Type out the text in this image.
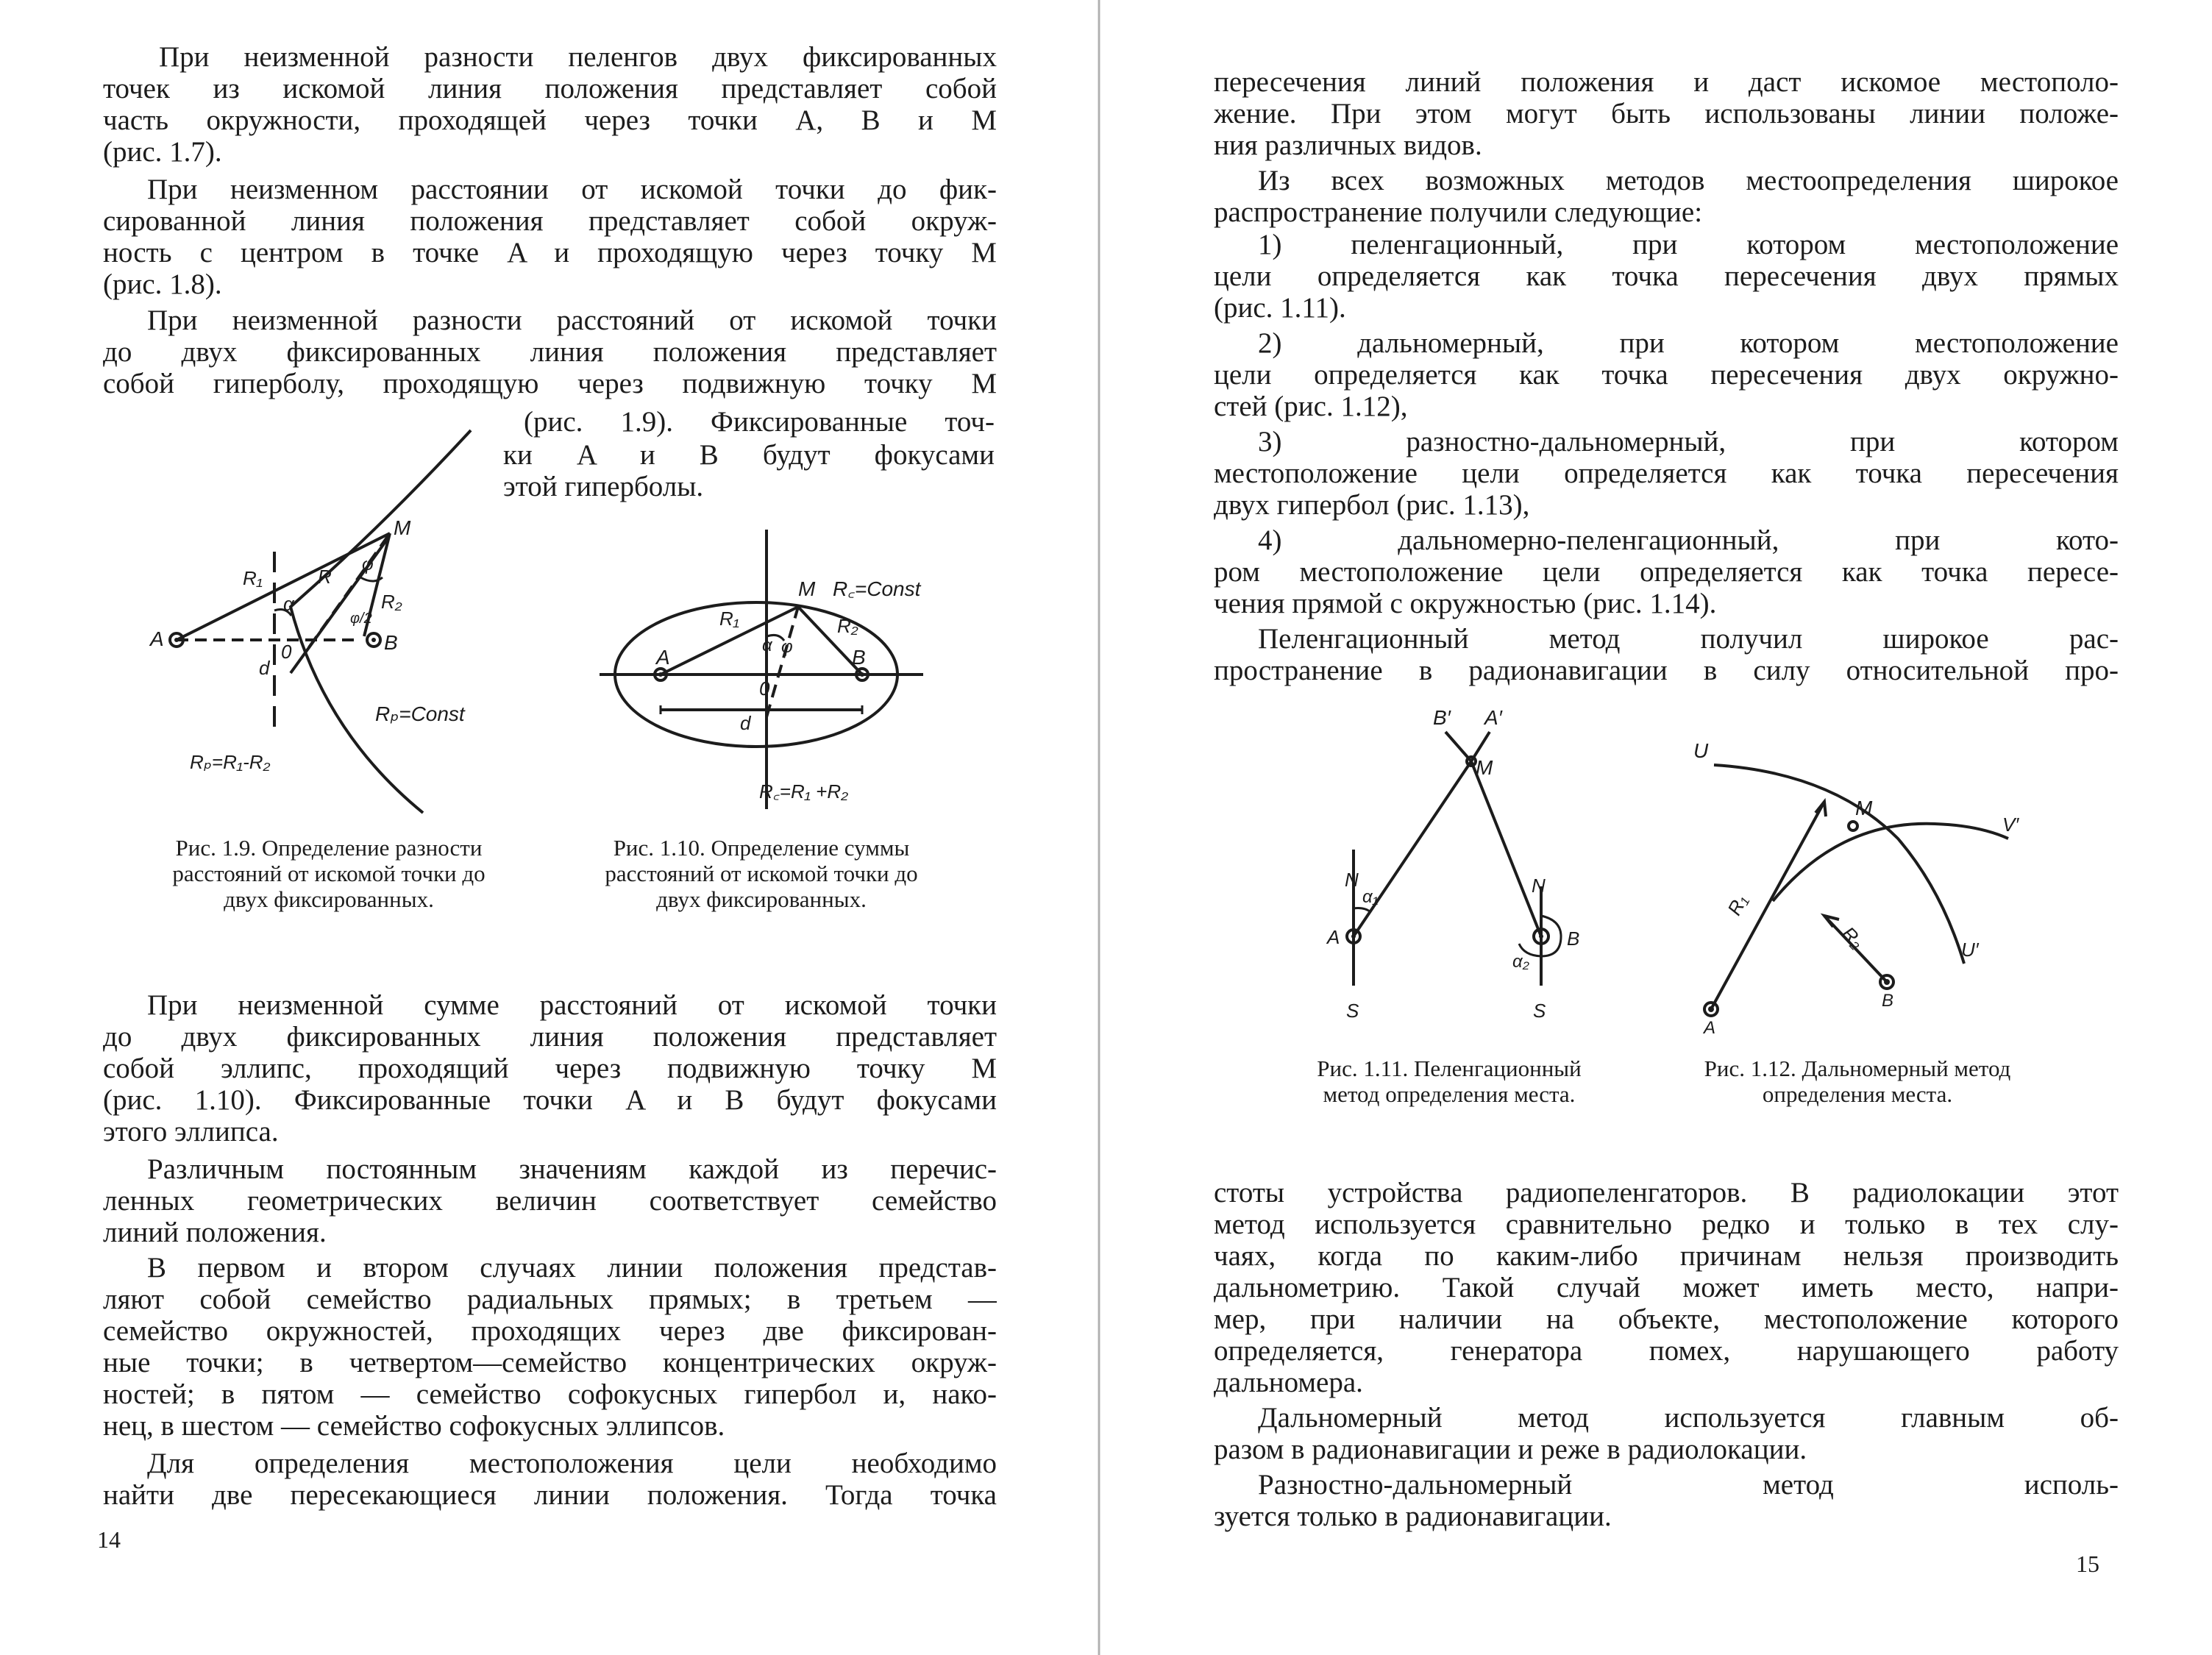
При неизменной разности пеленгов двух фиксированных

точек из искомой линия положения представляет собой

часть окружности, проходящей через точки A, B и M

(рис. 1.7).

При неизменном расстоянии от искомой точки до фик-

сированной линия положения представляет собой окруж-

ность с центром в точке A и проходящую через точку M

(рис. 1.8).

При неизменной разности расстояний от искомой точки

до двух фиксированных линия положения представляет

собой гиперболу, проходящую через подвижную точку M

(рис. 1.9). Фиксированные точ-

ки A и B будут фокусами

этой гиперболы.

A	B
M
0
d
R₁	R
R₂
α
φ
φ/2
Rₚ=Const
Rₚ=R₁-R₂

Рис. 1.9. Определение разности расстояний от искомой точки до двух фиксированных.

A	B
M
0
d
R₁	R₂
α φ
R꜀=Const
R꜀=R₁ +R₂

Рис. 1.10. Определение суммы расстояний от искомой точки до двух фиксированных.

При неизменной сумме расстояний от искомой точки

до двух фиксированных линия положения представляет

собой эллипс, проходящий через подвижную точку M

(рис. 1.10). Фиксированные точки A и B будут фокусами

этого эллипса.

Различным постоянным значениям каждой из перечис-

ленных геометрических величин соответствует семейство

линий положения.

В первом и втором случаях линии положения представ-

ляют собой семейство радиальных прямых; в третьем —

семейство окружностей, проходящих через две фиксирован-

ные точки; в четвертом—семейство концентрических окруж-

ностей; в пятом — семейство софокусных гипербол и, нако-

нец, в шестом — семейство софокусных эллипсов.

Для определения местоположения цели необходимо

найти две пересекающиеся линии положения. Тогда точка

14

пересечения линий положения и даст искомое местополо-

жение. При этом могут быть использованы линии положе-

ния различных видов.

Из всех возможных методов местоопределения широкое

распространение получили следующие:

1) пеленгационный, при котором местоположение

цели определяется как точка пересечения двух прямых

(рис. 1.11).

2) дальномерный, при котором местоположение

цели определяется как точка пересечения двух окружно-

стей (рис. 1.12),

3) разностно-дальномерный, при котором

местоположение цели определяется как точка пересечения

двух гипербол (рис. 1.13),

4) дальномерно-пеленгационный, при кото-

ром местоположение цели определяется как точка пересе-

чения прямой с окружностью (рис. 1.14).

Пеленгационный метод получил широкое рас-

пространение в радионавигации в силу относительной про-

B′ A′
M
N	N
α₁
α₂
A	B
S	S

Рис. 1.11. Пеленгационный метод определения места.

U
M
V′
U′
R₁
R₂
A
B

Рис. 1.12. Дальномерный метод определения места.

стоты устройства радиопеленгаторов. В радиолокации этот

метод используется сравнительно редко и только в тех слу-

чаях, когда по каким-либо причинам нельзя производить

дальнометрию. Такой случай может иметь место, напри-

мер, при наличии на объекте, местоположение которого

определяется, генератора помех, нарушающего работу

дальномера.

Дальномерный метод используется главным об-

разом в радионавигации и реже в радиолокации.

Разностно-дальномерный метод исполь-

зуется только в радионавигации.

15
